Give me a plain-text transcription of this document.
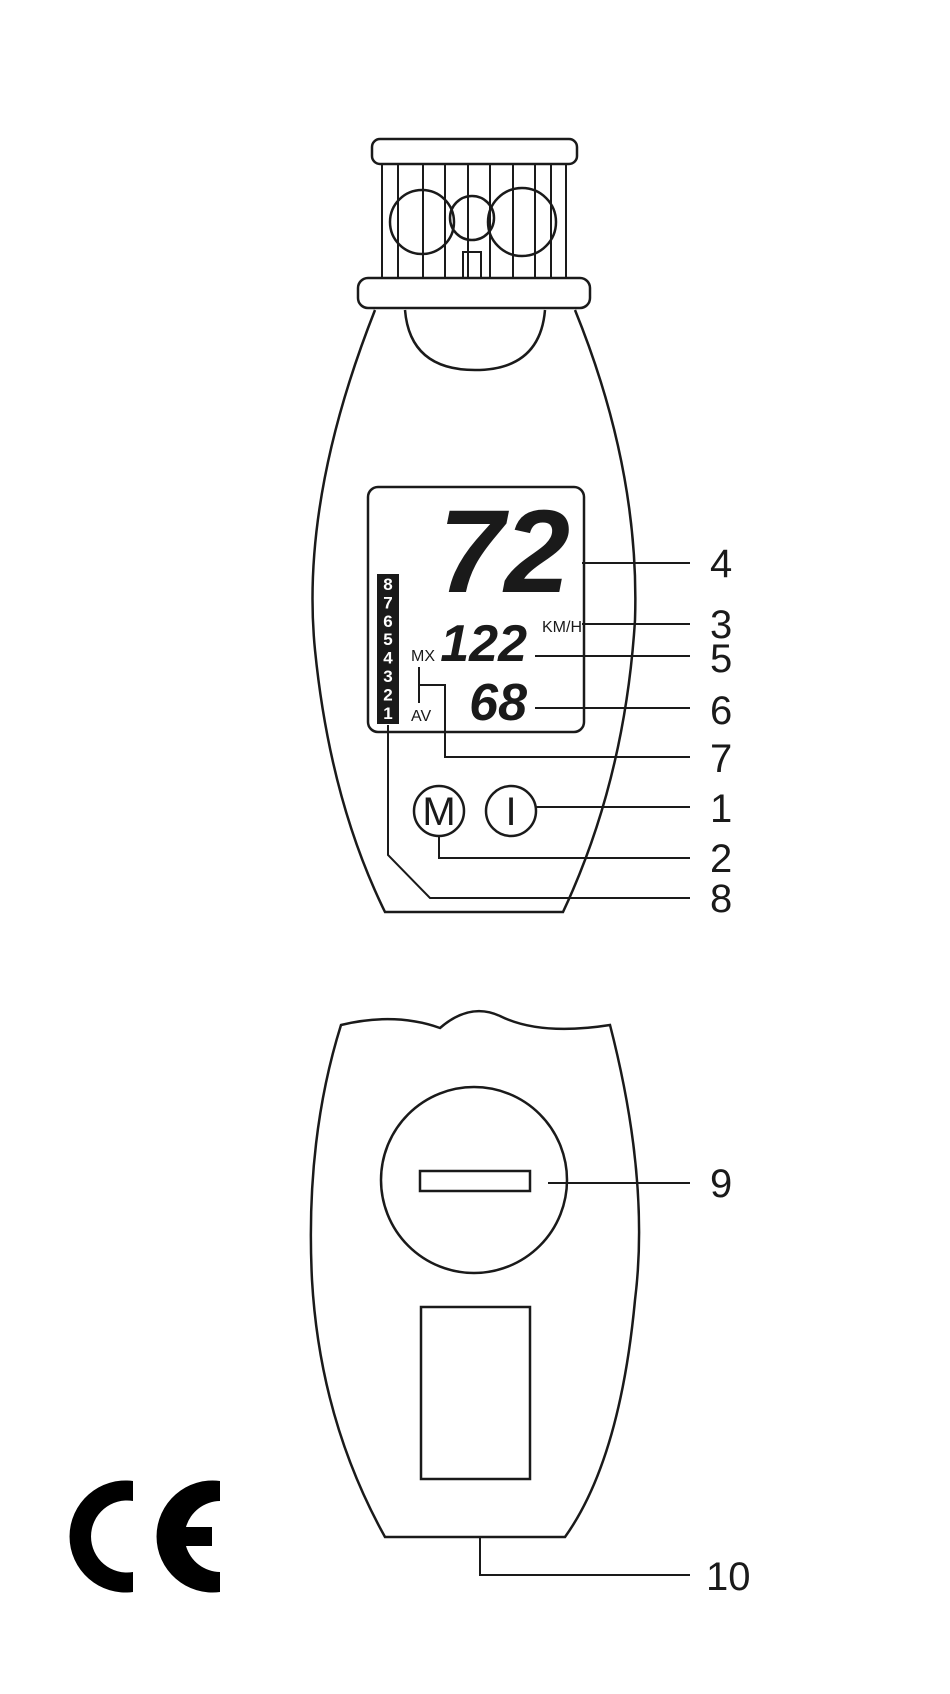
72
KM/H
122
68
MX
AV
8
7
6
5
4
3
2
1
M I
4
3
5
6
7
1
2
8
9
10
